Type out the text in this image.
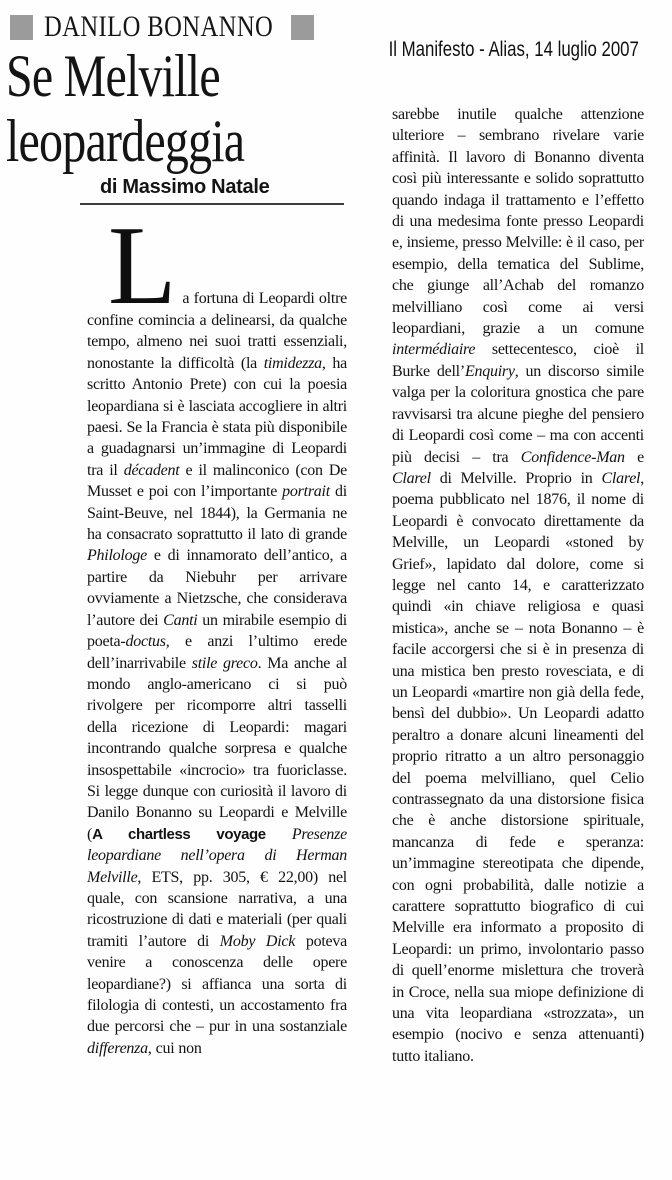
DANILO BONANNO
Il Manifesto - Alias, 14 luglio 2007
Se Melville leopardeggia
di Massimo Natale
La fortuna di Leopardi oltre confine comincia a delinearsi, da qualche tempo, almeno nei suoi tratti essenziali, nonostante la difficoltà (la timidezza, ha scritto Antonio Prete) con cui la poesia leopardiana si è lasciata accogliere in altri paesi. Se la Francia è stata più disponibile a guadagnarsi un’immagine di Leopardi tra il décadent e il malinconico (con De Musset e poi con l’importante portrait di Saint-Beuve, nel 1844), la Germania ne ha consacrato soprattutto il lato di grande Philologe e di innamorato dell’antico, a partire da Niebuhr per arrivare ovviamente a Nietzsche, che considerava l’autore dei Canti un mirabile esempio di poeta-doctus, e anzi l’ultimo erede dell’inarrivabile stile greco. Ma anche al mondo anglo-americano ci si può rivolgere per ricomporre altri tasselli della ricezione di Leopardi: magari incontrando qualche sorpresa e qualche insospettabile «incrocio» tra fuoriclasse. Si legge dunque con curiosità il lavoro di Danilo Bonanno su Leopardi e Melville (A chartless voyage Presenze leopardiane nell’opera di Herman Melville, ETS, pp. 305, € 22,00) nel quale, con scansione narrativa, a una ricostruzione di dati e materiali (per quali tramiti l’autore di Moby Dick poteva venire a conoscenza delle opere leopardiane?) si affianca una sorta di filologia di contesti, un accostamento fra due percorsi che – pur in una sostanziale differenza, cui non
sarebbe inutile qualche attenzione ulteriore – sembrano rivelare varie affinità. Il lavoro di Bonanno diventa così più interessante e solido soprattutto quando indaga il trattamento e l’effetto di una medesima fonte presso Leopardi e, insieme, presso Melville: è il caso, per esempio, della tematica del Sublime, che giunge all’Achab del romanzo melvilliano così come ai versi leopardiani, grazie a un comune intermédiaire settecentesco, cioè il Burke dell’Enquiry, un discorso simile valga per la coloritura gnostica che pare ravvisarsi tra alcune pieghe del pensiero di Leopardi così come – ma con accenti più decisi – tra Confidence-Man e Clarel di Melville. Proprio in Clarel, poema pubblicato nel 1876, il nome di Leopardi è convocato direttamente da Melville, un Leopardi «stoned by Grief», lapidato dal dolore, come si legge nel canto 14, e caratterizzato quindi «in chiave religiosa e quasi mistica», anche se – nota Bonanno – è facile accorgersi che si è in presenza di una mistica ben presto rovesciata, e di un Leopardi «martire non già della fede, bensì del dubbio». Un Leopardi adatto peraltro a donare alcuni lineamenti del proprio ritratto a un altro personaggio del poema melvilliano, quel Celio contrassegnato da una distorsione fisica che è anche distorsione spirituale, mancanza di fede e speranza: un’immagine stereotipata che dipende, con ogni probabilità, dalle notizie a carattere soprattutto biografico di cui Melville era informato a proposito di Leopardi: un primo, involontario passo di quell’enorme mislettura che troverà in Croce, nella sua miope definizione di una vita leopardiana «strozzata», un esempio (nocivo e senza attenuanti) tutto italiano.
